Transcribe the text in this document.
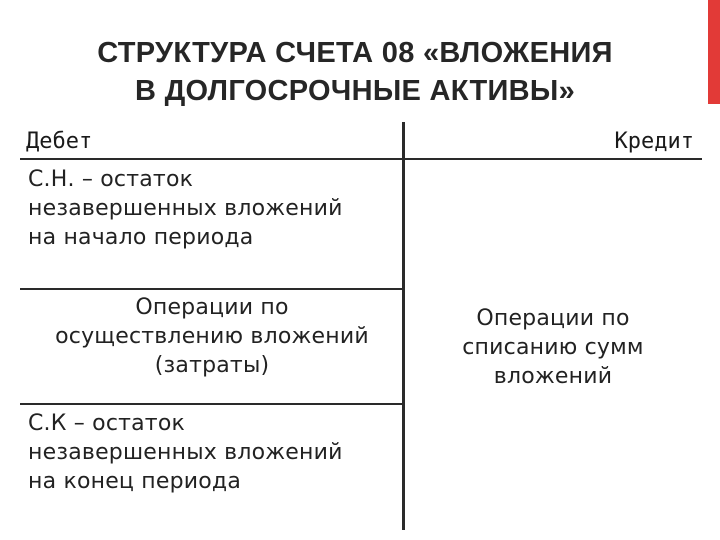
СТРУКТУРА СЧЕТА 08 «ВЛОЖЕНИЯ
В ДОЛГОСРОЧНЫЕ АКТИВЫ»
Дебет	Кредит
С.Н. – остаток
незавершенных вложений
на начало периода
Операции по
осуществлению вложений
(затраты)
С.К – остаток
незавершенных вложений
на конец периода
Операции по
списанию сумм
вложений
